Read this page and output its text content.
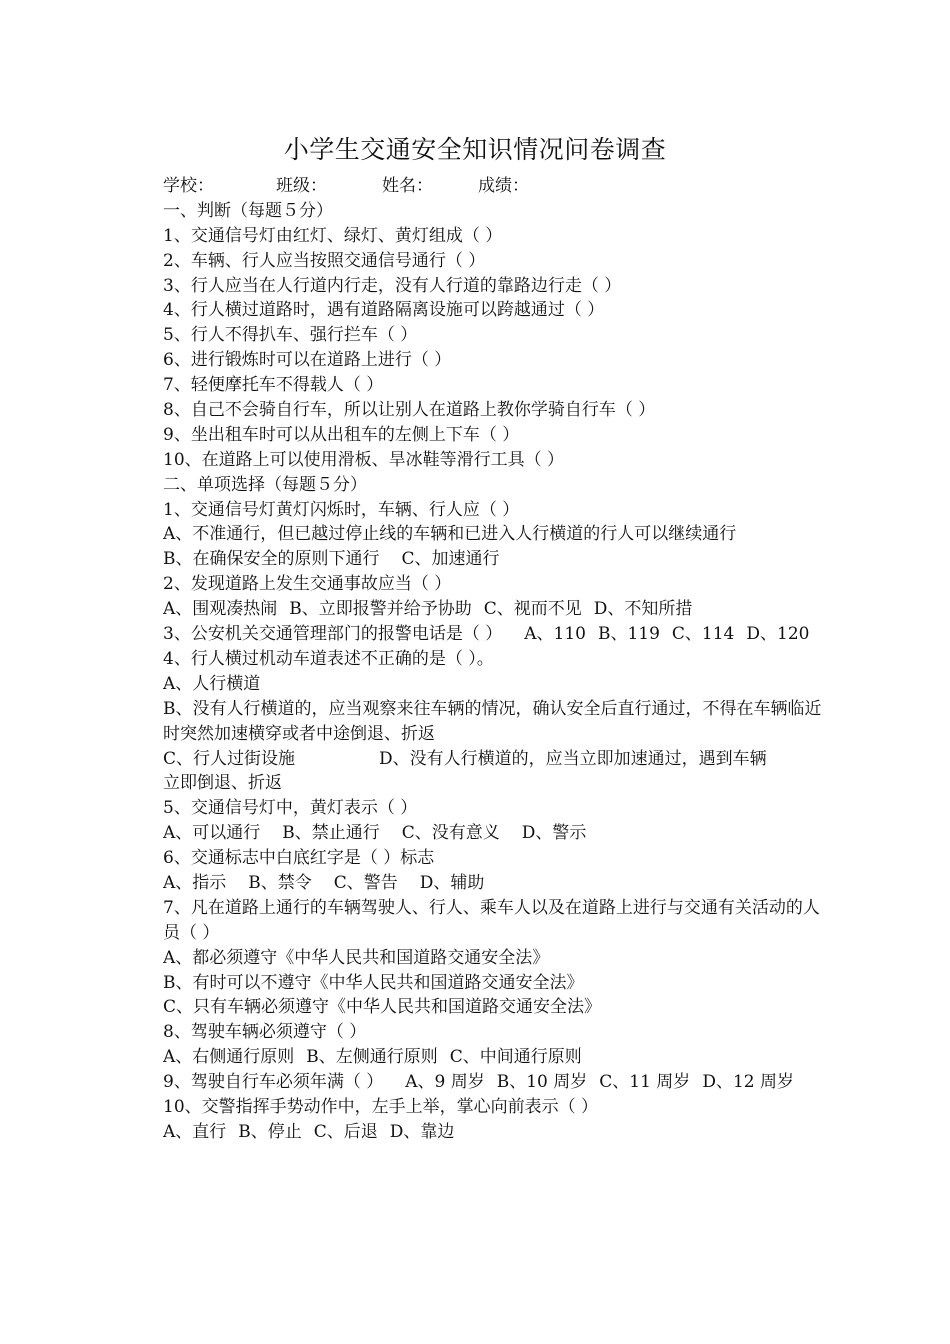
小学生交通安全知识情况问卷调查
学校：	班级：	姓名：	成绩：
一、判断（每题５分）
1、交通信号灯由红灯、绿灯、黄灯组成（ ）
2、车辆、行人应当按照交通信号通行（ ）
3、行人应当在人行道内行走，没有人行道的靠路边行走（ ）
4、行人横过道路时，遇有道路隔离设施可以跨越通过（ ）
5、行人不得扒车、强行拦车（ ）
6、进行锻炼时可以在道路上进行（ ）
7、轻便摩托车不得载人（ ）
8、自己不会骑自行车，所以让别人在道路上教你学骑自行车（ ）
9、坐出租车时可以从出租车的左侧上下车（ ）
10、在道路上可以使用滑板、旱冰鞋等滑行工具（ ）
二、单项选择（每题５分）
1、交通信号灯黄灯闪烁时，车辆、行人应（ ）
A、不准通行，但已越过停止线的车辆和已进入人行横道的行人可以继续通行
B、在确保安全的原则下通行 C、加速通行
2、发现道路上发生交通事故应当（ ）
A、围观凑热闹 B、立即报警并给予协助 C、视而不见 D、不知所措
3、公安机关交通管理部门的报警电话是（ ） A、110 B、119 C、114 D、120
4、行人横过机动车道表述不正确的是（ ）。
A、人行横道
B、没有人行横道的，应当观察来往车辆的情况，确认安全后直行通过，不得在车辆临近时突然加速横穿或者中途倒退、折返
C、行人过街设施	D、没有人行横道的，应当立即加速通过，遇到车辆
立即倒退、折返
5、交通信号灯中，黄灯表示（ ）
A、可以通行 B、禁止通行 C、没有意义 D、警示
6、交通标志中白底红字是（ ）标志
A、指示 B、禁令 C、警告 D、辅助
7、凡在道路上通行的车辆驾驶人、行人、乘车人以及在道路上进行与交通有关活动的人员（ ）
A、都必须遵守《中华人民共和国道路交通安全法》
B、有时可以不遵守《中华人民共和国道路交通安全法》
C、只有车辆必须遵守《中华人民共和国道路交通安全法》
8、驾驶车辆必须遵守（ ）
A、右侧通行原则 B、左侧通行原则 C、中间通行原则
9、驾驶自行车必须年满（ ） A、9 周岁 B、10 周岁 C、11 周岁 D、12 周岁
10、交警指挥手势动作中，左手上举，掌心向前表示（ ）
A、直行 B、停止 C、后退 D、靠边
